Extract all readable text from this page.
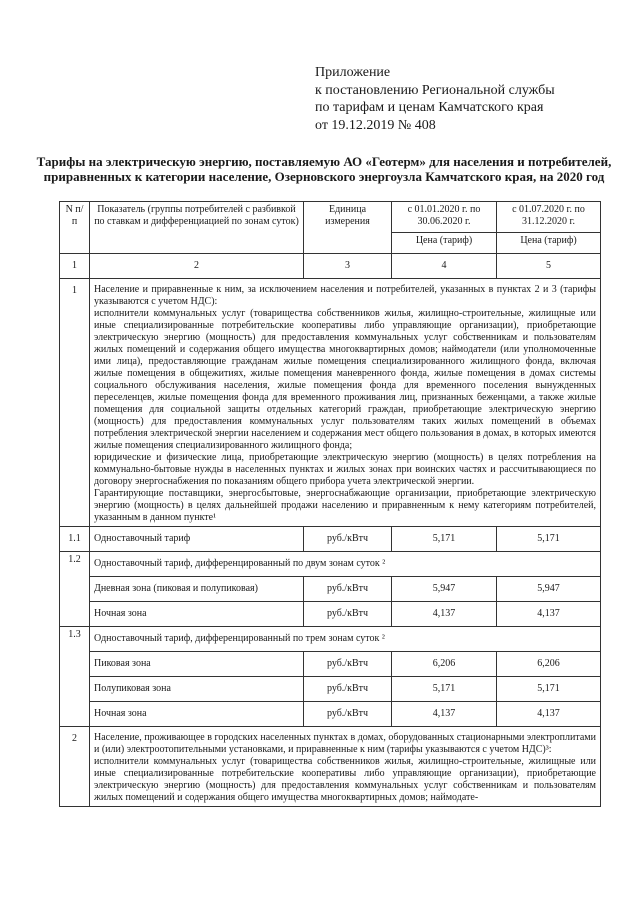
Приложение
к постановлению Региональной службы
по тарифам и ценам Камчатского края
от 19.12.2019 № 408
Тарифы на электрическую энергию, поставляемую АО «Геотерм» для населения и потребителей, приравненных к категории население, Озерновского энергоузла Камчатского края, на 2020 год
N п/п	Показатель (группы потребителей с разбивкой по ставкам и дифференциацией по зонам суток)	Единица измерения	с 01.01.2020 г. по 30.06.2020 г.	с 01.07.2020 г. по 31.12.2020 г.
			Цена (тариф)	Цена (тариф)
1	2	3	4	5
1	Население и приравненные к ним, за исключением населения и потребителей, указанных в пунктах 2 и 3 (тарифы указываются с учетом НДС):

исполнители коммунальных услуг (товарищества собственников жилья, жилищно-строительные, жилищные или иные специализированные потребительские кооперативы либо управляющие организации), приобретающие электрическую энергию (мощность) для предоставления коммунальных услуг собственникам и пользователям жилых помещений и содержания общего имущества многоквартирных домов; наймодатели (или уполномоченные ими лица), предоставляющие гражданам жилые помещения специализированного жилищного фонда, включая жилые помещения в общежитиях, жилые помещения маневренного фонда, жилые помещения в домах системы социального обслуживания населения, жилые помещения фонда для временного поселения вынужденных переселенцев, жилые помещения фонда для временного проживания лиц, признанных беженцами, а также жилые помещения для социальной защиты отдельных категорий граждан, приобретающие электрическую энергию (мощность) для предоставления коммунальных услуг пользователям таких жилых помещений в объемах потребления электрической энергии населением и содержания мест общего пользования в домах, в которых имеются жилые помещения специализированного жилищного фонда;

юридические и физические лица, приобретающие электрическую энергию (мощность) в целях потребления на коммунально-бытовые нужды в населенных пунктах и жилых зонах при воинских частях и рассчитывающиеся по договору энергоснабжения по показаниям общего прибора учета электрической энергии.

Гарантирующие поставщики, энергосбытовые, энергоснабжающие организации, приобретающие электрическую энергию (мощность) в целях дальнейшей продажи населению и приравненным к нему категориям потребителей, указанным в данном пункте¹			

1.1	Одноставочный тариф	руб./кВтч	5,171	5,171
1.2	Одноставочный тариф, дифференцированный по двум зонам суток ²			
	Дневная зона (пиковая и полупиковая)	руб./кВтч	5,947	5,947
	Ночная зона	руб./кВтч	4,137	4,137
1.3	Одноставочный тариф, дифференцированный по трем зонам суток ²			
	Пиковая зона	руб./кВтч	6,206	6,206
	Полупиковая зона	руб./кВтч	5,171	5,171
	Ночная зона	руб./кВтч	4,137	4,137
2	Население, проживающее в городских населенных пунктах в домах, оборудованных стационарными электроплитами и (или) электроотопительными установками, и приравненные к ним (тарифы указываются с учетом НДС)³:

исполнители коммунальных услуг (товарищества собственников жилья, жилищно-строительные, жилищные или иные специализированные потребительские кооперативы либо управляющие организации), приобретающие электрическую энергию (мощность) для предоставления коммунальных услуг собственникам и пользователям жилых помещений и содержания общего имущества многоквартирных домов; наймодате-			
